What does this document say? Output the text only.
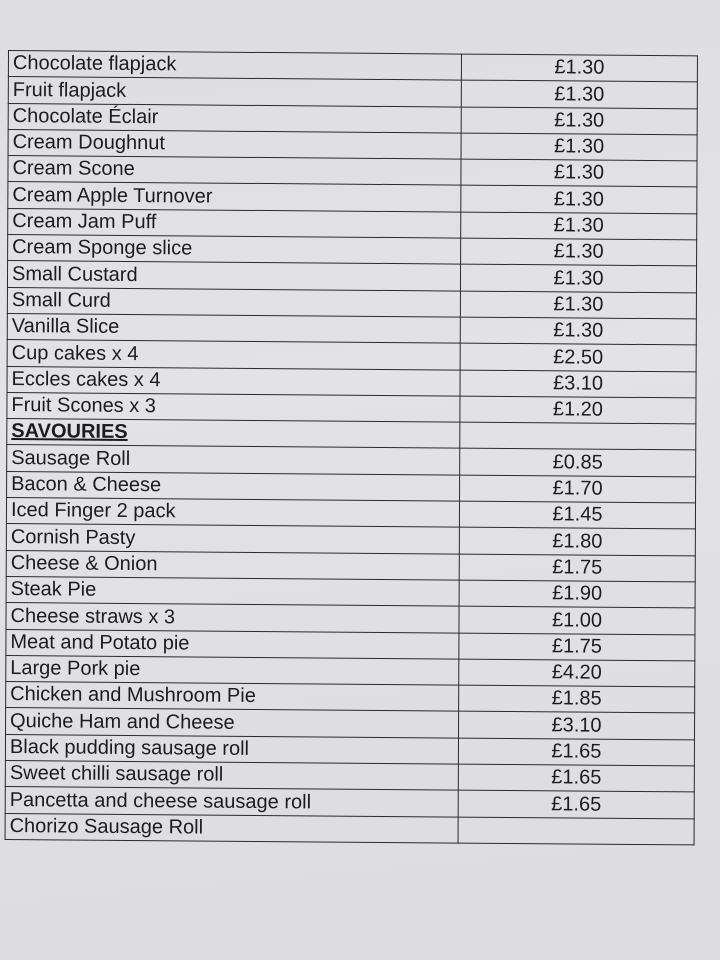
Chocolate flapjack	£1.30
Fruit flapjack	£1.30
Chocolate Éclair	£1.30
Cream Doughnut	£1.30
Cream Scone	£1.30
Cream Apple Turnover	£1.30
Cream Jam Puff	£1.30
Cream Sponge slice	£1.30
Small Custard	£1.30
Small Curd	£1.30
Vanilla Slice	£1.30
Cup cakes x 4	£2.50
Eccles cakes x 4	£3.10
Fruit Scones x 3	£1.20
SAVOURIES	
Sausage Roll	£0.85
Bacon & Cheese	£1.70
Iced Finger 2 pack	£1.45
Cornish Pasty	£1.80
Cheese & Onion	£1.75
Steak Pie	£1.90
Cheese straws x 3	£1.00
Meat and Potato pie	£1.75
Large Pork pie	£4.20
Chicken and Mushroom Pie	£1.85
Quiche Ham and Cheese	£3.10
Black pudding sausage roll	£1.65
Sweet chilli sausage roll	£1.65
Pancetta and cheese sausage roll	£1.65
Chorizo Sausage Roll	
